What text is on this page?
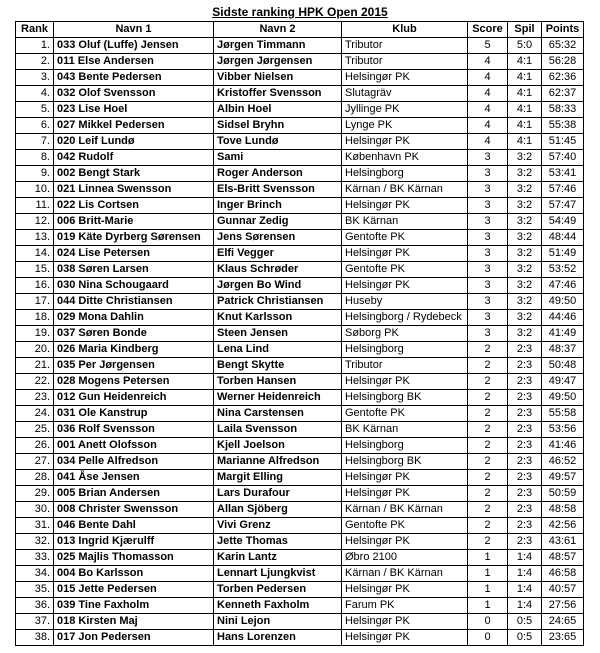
Sidste ranking HPK Open 2015
Rank	Navn 1	Navn 2	Klub	Score	Spil	Points
1.	033 Oluf (Luffe) Jensen	Jørgen Timmann	Tributor	5	5:0	65:32
2.	011 Else Andersen	Jørgen Jørgensen	Tributor	4	4:1	56:28
3.	043 Bente Pedersen	Vibber Nielsen	Helsingør PK	4	4:1	62:36
4.	032 Olof Svensson	Kristoffer Svensson	Slutagräv	4	4:1	62:37
5.	023 Lise Hoel	Albin Hoel	Jyllinge PK	4	4:1	58:33
6.	027 Mikkel Pedersen	Sidsel Bryhn	Lynge PK	4	4:1	55:38
7.	020 Leif Lundø	Tove Lundø	Helsingør PK	4	4:1	51:45
8.	042 Rudolf	Sami	København PK	3	3:2	57:40
9.	002 Bengt Stark	Roger Anderson	Helsingborg	3	3:2	53:41
10.	021 Linnea Swensson	Els-Britt Svensson	Kärnan / BK Kärnan	3	3:2	57:46
11.	022 Lis Cortsen	Inger Brinch	Helsingør PK	3	3:2	57:47
12.	006 Britt-Marie	Gunnar Zedig	BK Kärnan	3	3:2	54:49
13.	019 Käte Dyrberg Sørensen	Jens Sørensen	Gentofte PK	3	3:2	48:44
14.	024 Lise Petersen	Elfi Vegger	Helsingør PK	3	3:2	51:49
15.	038 Søren Larsen	Klaus Schrøder	Gentofte PK	3	3:2	53:52
16.	030 Nina Schougaard	Jørgen Bo Wind	Helsingør PK	3	3:2	47:46
17.	044 Ditte Christiansen	Patrick Christiansen	Huseby	3	3:2	49:50
18.	029 Mona Dahlin	Knut Karlsson	Helsingborg / Rydebeck	3	3:2	44:46
19.	037 Søren Bonde	Steen Jensen	Søborg PK	3	3:2	41:49
20.	026 Maria Kindberg	Lena Lind	Helsingborg	2	2:3	48:37
21.	035 Per Jørgensen	Bengt Skytte	Tributor	2	2:3	50:48
22.	028 Mogens Petersen	Torben Hansen	Helsingør PK	2	2:3	49:47
23.	012 Gun Heidenreich	Werner Heidenreich	Helsingborg BK	2	2:3	49:50
24.	031 Ole Kanstrup	Nina Carstensen	Gentofte PK	2	2:3	55:58
25.	036 Rolf Svensson	Laila Svensson	BK Kärnan	2	2:3	53:56
26.	001 Anett Olofsson	Kjell Joelson	Helsingborg	2	2:3	41:46
27.	034 Pelle Alfredson	Marianne Alfredson	Helsingborg BK	2	2:3	46:52
28.	041 Åse Jensen	Margit Elling	Helsingør PK	2	2:3	49:57
29.	005 Brian Andersen	Lars Durafour	Helsingør PK	2	2:3	50:59
30.	008 Christer Swensson	Allan Sjöberg	Kärnan / BK Kärnan	2	2:3	48:58
31.	046 Bente Dahl	Vivi Grenz	Gentofte PK	2	2:3	42:56
32.	013 Ingrid Kjærulff	Jette Thomas	Helsingør PK	2	2:3	43:61
33.	025 Majlis Thomasson	Karin Lantz	Øbro 2100	1	1:4	48:57
34.	004 Bo Karlsson	Lennart Ljungkvist	Kärnan / BK Kärnan	1	1:4	46:58
35.	015 Jette Pedersen	Torben Pedersen	Helsingør PK	1	1:4	40:57
36.	039 Tine Faxholm	Kenneth Faxholm	Farum PK	1	1:4	27:56
37.	018 Kirsten Maj	Nini Lejon	Helsingør PK	0	0:5	24:65
38.	017 Jon Pedersen	Hans Lorenzen	Helsingør PK	0	0:5	23:65
